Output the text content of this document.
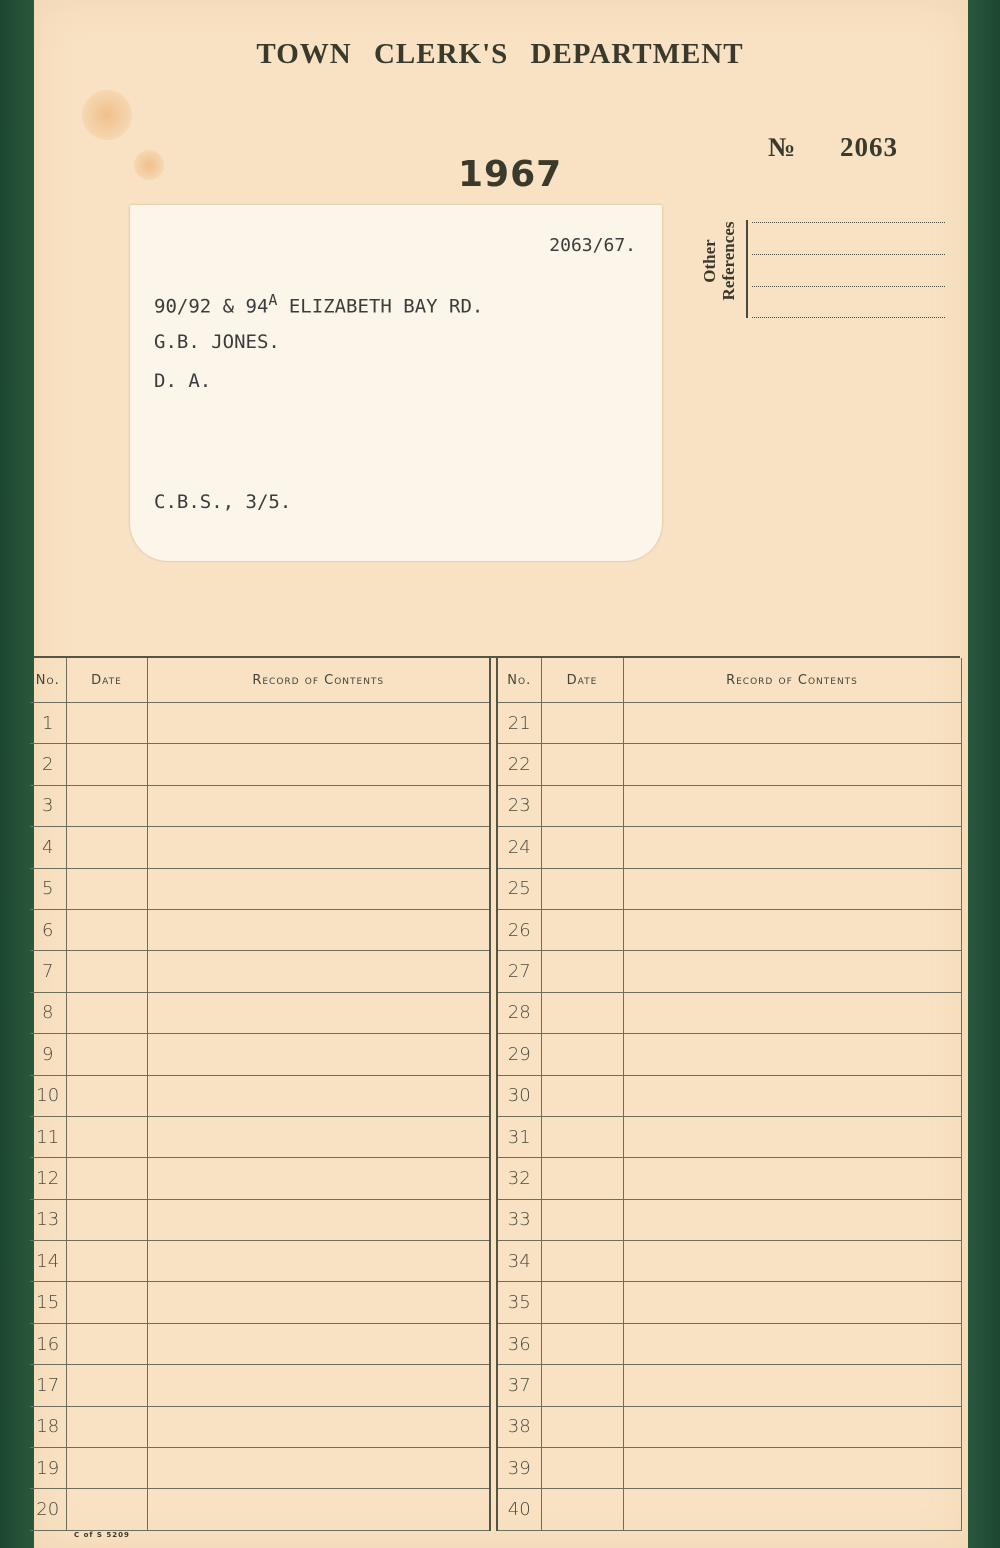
TOWN CLERK'S DEPARTMENT
№ 2063
1967
2063/67.
90/92 & $94^A$ ELIZABETH BAY RD.
G.B. JONES.
D. A.
C.B.S., 3/5.
Other References
No.	Date	Record of Contents
1		
2		
3		
4		
5		
6		
7		
8		
9		
10		
11		
12		
13		
14		
15		
16		
17		
18		
19		
20		
No.	Date	Record of Contents
21		
22		
23		
24		
25		
26		
27		
28		
29		
30		
31		
32		
33		
34		
35		
36		
37		
38		
39		
40		
C of S 5209
